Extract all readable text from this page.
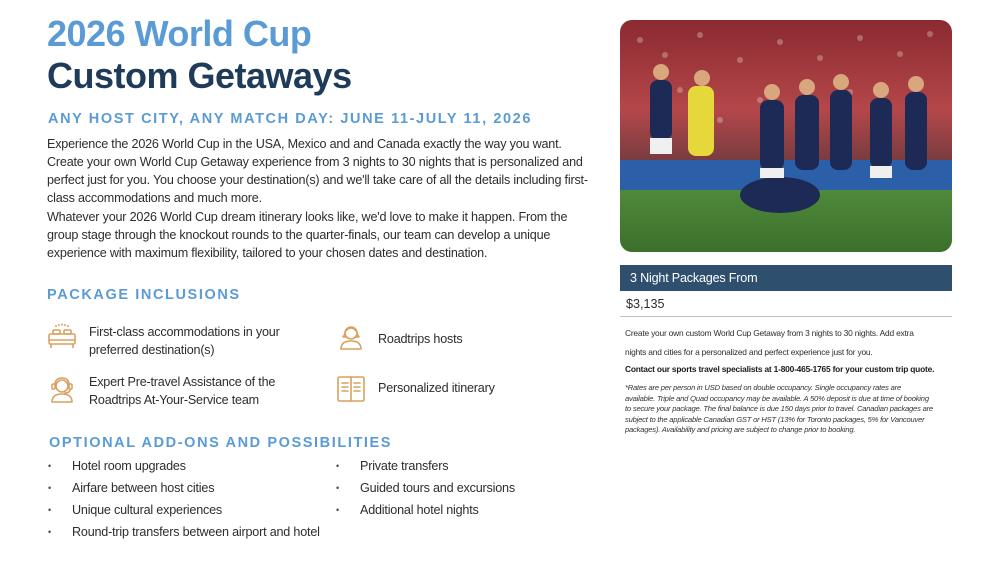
2026 World Cup
Custom Getaways
ANY HOST CITY, ANY MATCH DAY: JUNE 11-JULY 11, 2026
Experience the 2026 World Cup in the USA, Mexico and and Canada exactly the way you want.
Create your own World Cup Getaway experience from 3 nights to 30 nights that is personalized and
perfect just for you. You choose your destination(s) and we'll take care of all the details including first-
class accommodations and much more.
Whatever your 2026 World Cup dream itinerary looks like, we'd love to make it happen. From the
group stage through the knockout rounds to the quarter-finals, our team can develop a unique
experience with maximum flexibility, tailored to your chosen dates and destination.
PACKAGE INCLUSIONS
First-class accommodations in your
preferred destination(s)
Roadtrips hosts
Expert Pre-travel Assistance of the
Roadtrips At-Your-Service team
Personalized itinerary
OPTIONAL ADD-ONS AND POSSIBILITIES
• Hotel room upgrades
• Airfare between host cities
• Unique cultural experiences
• Round-trip transfers between airport and hotel
• Private transfers
• Guided tours and excursions
• Additional hotel nights
3 Night Packages From
$3,135
Create your own custom World Cup Getaway from 3 nights to 30 nights. Add extra
nights and cities for a personalized and perfect experience just for you.
Contact our sports travel specialists at 1-800-465-1765 for your custom trip quote.
*Rates are per person in USD based on double occupancy. Single occupancy rates are
available. Triple and Quad occupancy may be available. A 50% deposit is due at time of booking
to secure your package. The final balance is due 150 days prior to travel. Canadian packages are
subject to the applicable Canadian GST or HST (13% for Toronto packages, 5% for Vancouver
packages). Availability and pricing are subject to change prior to booking.
